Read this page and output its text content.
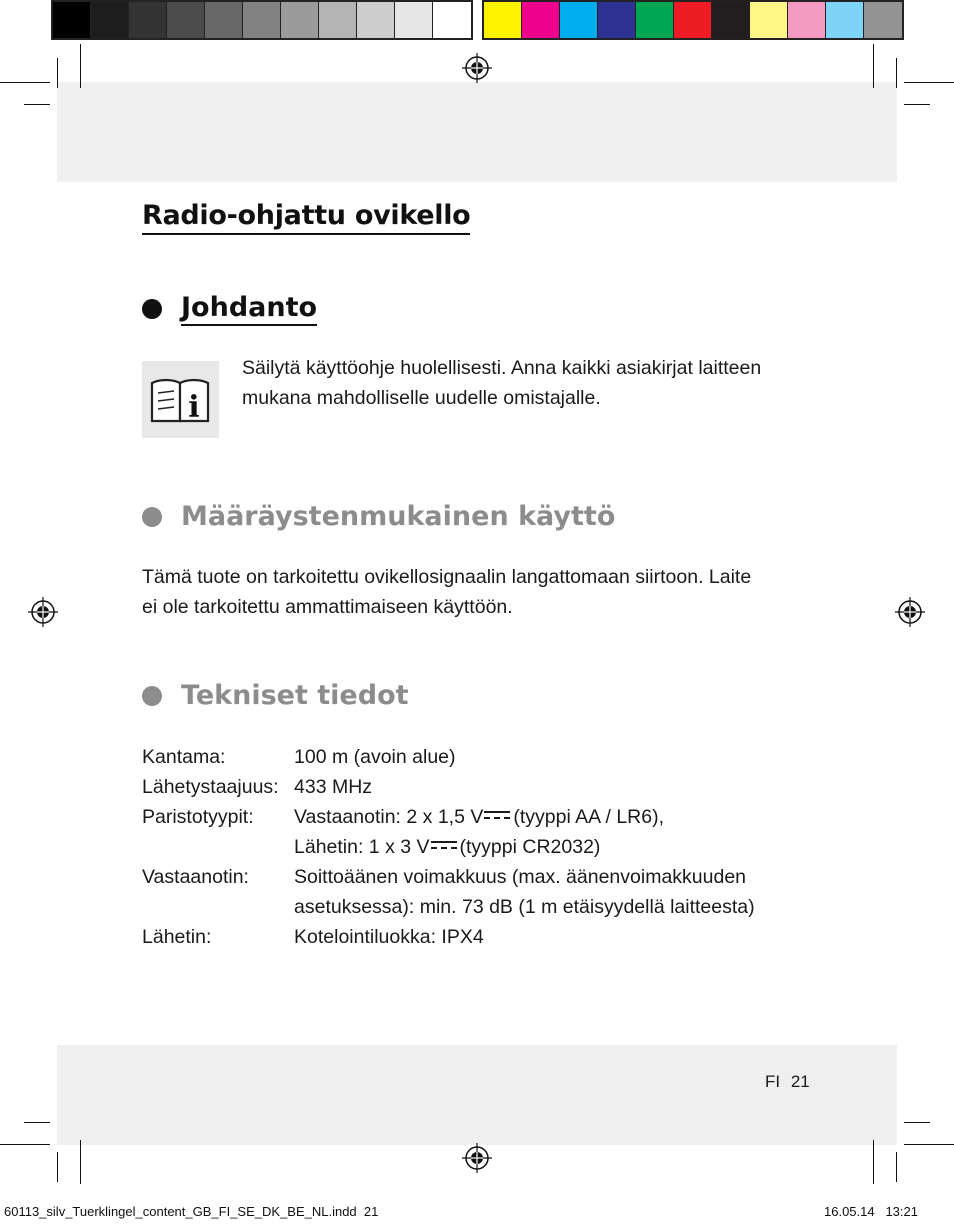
Radio-ohjattu ovikello
Johdanto
i

Säilytä käyttöohje huolellisesti. Anna kaikki asiakirjat laitteen
mukana mahdolliselle uudelle omistajalle.

Määräystenmukainen käyttö

Tämä tuote on tarkoitettu ovikellosignaalin langattomaan siirtoon. Laite
ei ole tarkoitettu ammattimaiseen käyttöön.

Tekniset tiedot
Kantama:	100 m (avoin alue)
Lähetystaajuus: 433 MHz
Paristotyypit:	Vastaanotin: 2 x 1,5 V (tyyppi AA / LR6),
Lähetin: 1 x 3 V (tyyppi CR2032)
Vastaanotin:	Soittoäänen voimakkuus (max. äänenvoimakkuuden
asetuksessa): min. 73 dB (1 m etäisyydellä laitteesta)
Lähetin:	Kotelointiluokka: IPX4
FI 21
60113_silv_Tuerklingel_content_GB_FI_SE_DK_BE_NL.indd 21	16.05.14 13:21
